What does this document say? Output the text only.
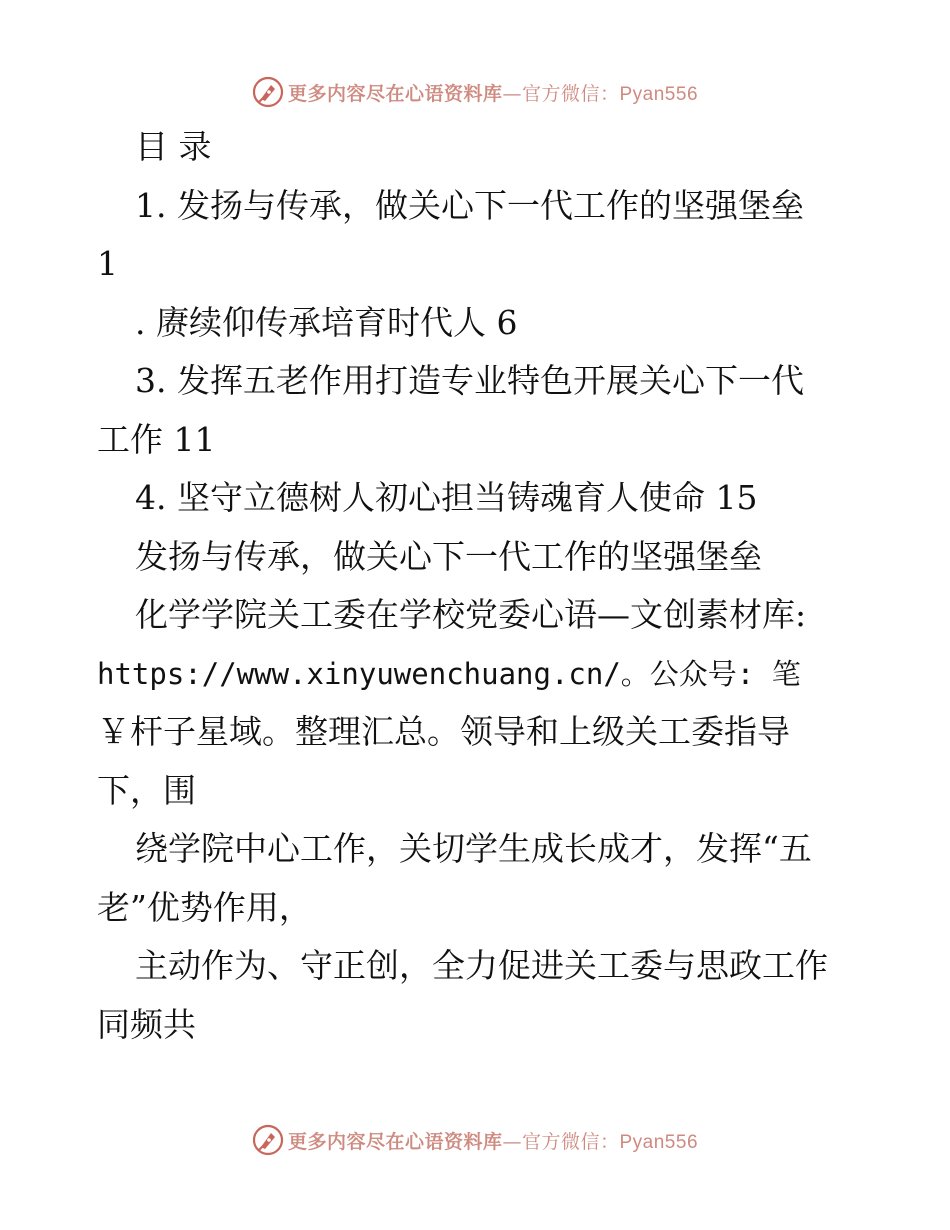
更多内容尽在心语资料库—官方微信：Pyan556
目 录
1. 发扬与传承，做关心下一代工作的坚强堡垒
1
. 赓续仰传承培育时代人 6
3. 发挥五老作用打造专业特色开展关心下一代
工作 11
4. 坚守立德树人初心担当铸魂育人使命 15
发扬与传承，做关心下一代工作的坚强堡垒
化学学院关工委在学校党委心语—文创素材库:
https://www.xinyuwenchuang.cn/。公众号: 笔
￥杆子星域。整理汇总。领导和上级关工委指导
下，围
绕学院中心工作，关切学生成长成才，发挥“五
老”优势作用，
主动作为、守正创，全力促进关工委与思政工作
同频共
更多内容尽在心语资料库—官方微信：Pyan556
